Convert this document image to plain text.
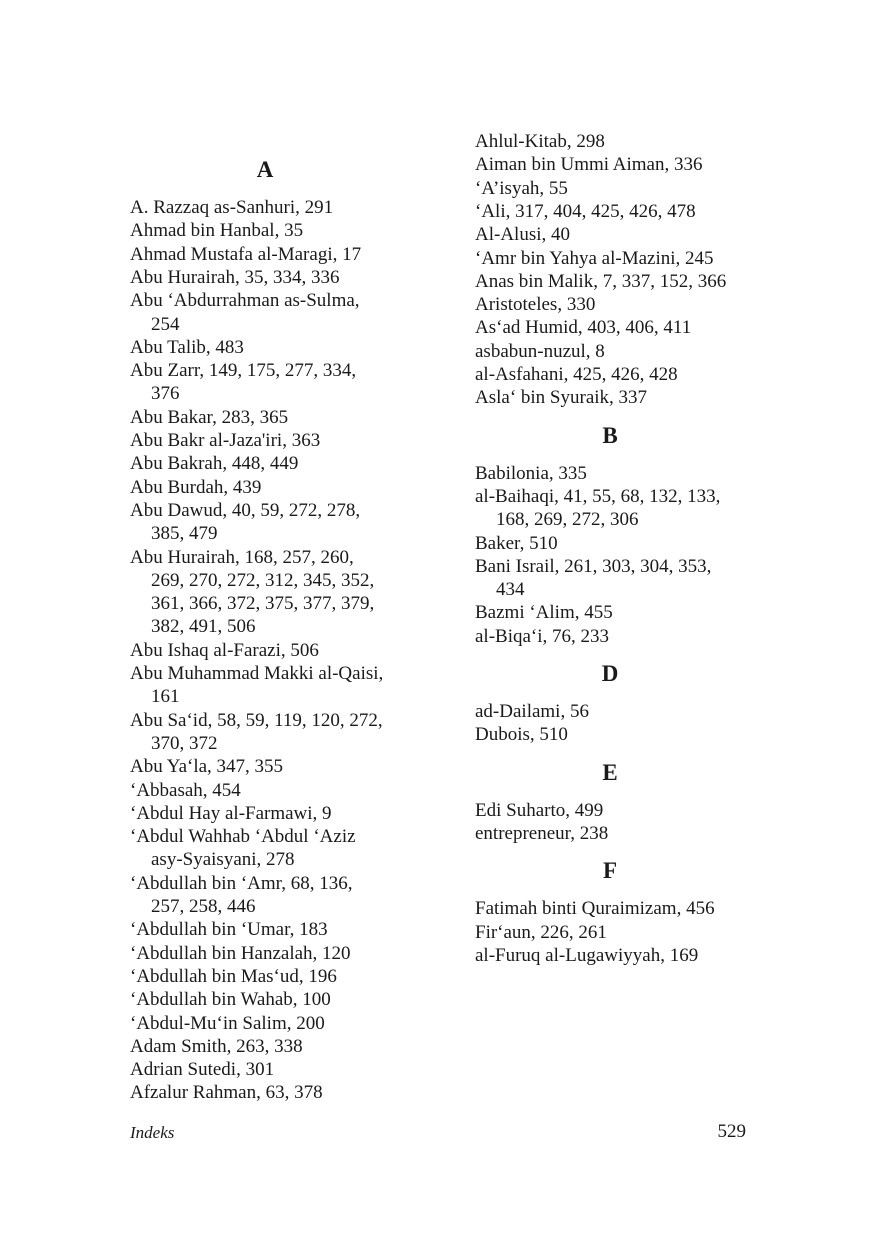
A
A. Razzaq as-Sanhuri, 291
Ahmad bin Hanbal, 35
Ahmad Mustafa al-Maragi, 17
Abu Hurairah, 35, 334, 336
Abu ‘Abdurrahman as-Sulma,
254
Abu Talib, 483
Abu Zarr, 149, 175, 277, 334,
376
Abu Bakar, 283, 365
Abu Bakr al-Jaza'iri, 363
Abu Bakrah, 448, 449
Abu Burdah, 439
Abu Dawud, 40, 59, 272, 278,
385, 479
Abu Hurairah, 168, 257, 260,
269, 270, 272, 312, 345, 352,
361, 366, 372, 375, 377, 379,
382, 491, 506
Abu Ishaq al-Farazi, 506
Abu Muhammad Makki al-Qaisi,
161
Abu Sa‘id, 58, 59, 119, 120, 272,
370, 372
Abu Ya‘la, 347, 355
‘Abbasah, 454
‘Abdul Hay al-Farmawi, 9
‘Abdul Wahhab ‘Abdul ‘Aziz
asy-Syaisyani, 278
‘Abdullah bin ‘Amr, 68, 136,
257, 258, 446
‘Abdullah bin ‘Umar, 183
‘Abdullah bin Hanzalah, 120
‘Abdullah bin Mas‘ud, 196
‘Abdullah bin Wahab, 100
‘Abdul-Mu‘in Salim, 200
Adam Smith, 263, 338
Adrian Sutedi, 301
Afzalur Rahman, 63, 378
Ahlul-Kitab, 298
Aiman bin Ummi Aiman, 336
‘A’isyah, 55
‘Ali, 317, 404, 425, 426, 478
Al-Alusi, 40
‘Amr bin Yahya al-Mazini, 245
Anas bin Malik, 7, 337, 152, 366
Aristoteles, 330
As‘ad Humid, 403, 406, 411
asbabun-nuzul, 8
al-Asfahani, 425, 426, 428
Asla‘ bin Syuraik, 337
B
Babilonia, 335
al-Baihaqi, 41, 55, 68, 132, 133,
168, 269, 272, 306
Baker, 510
Bani Israil, 261, 303, 304, 353,
434
Bazmi ‘Alim, 455
al-Biqa‘i, 76, 233
D
ad-Dailami, 56
Dubois, 510
E
Edi Suharto, 499
entrepreneur, 238
F
Fatimah binti Quraimizam, 456
Fir‘aun, 226, 261
al-Furuq al-Lugawiyyah, 169
Indeks	529
